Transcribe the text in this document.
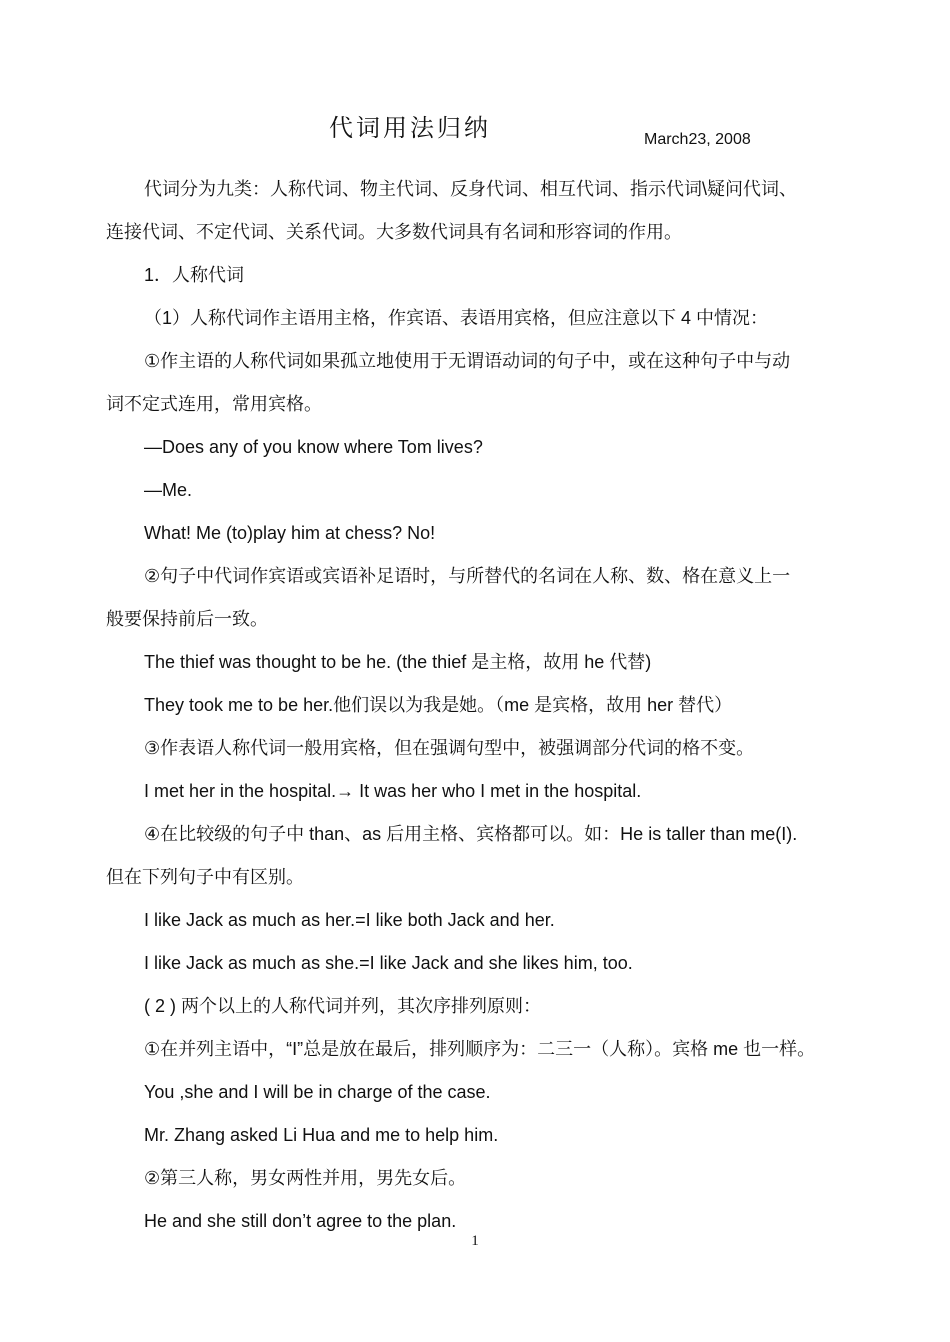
代词用法归纳	March23, 2008

代词分为九类：人称代词、物主代词、反身代词、相互代词、指示代词\疑问代词、

连接代词、不定代词、关系代词。大多数代词具有名词和形容词的作用。

1．人称代词

（1）人称代词作主语用主格，作宾语、表语用宾格，但应注意以下 4 中情况：

①作主语的人称代词如果孤立地使用于无谓语动词的句子中，或在这种句子中与动

词不定式连用，常用宾格。

—Does any of you know where Tom lives?

—Me.

What! Me (to)play him at chess? No!

②句子中代词作宾语或宾语补足语时，与所替代的名词在人称、数、格在意义上一

般要保持前后一致。

The thief was thought to be he. (the thief 是主格，故用 he 代替)

They took me to be her.他们误以为我是她。（me 是宾格，故用 her 替代）

③作表语人称代词一般用宾格，但在强调句型中，被强调部分代词的格不变。

I met her in the hospital.→ It was her who I met in the hospital.

④在比较级的句子中 than、as 后用主格、宾格都可以。如：He is taller than me(I).

但在下列句子中有区别。

I like Jack as much as her.=I like both Jack and her.

I like Jack as much as she.=I like Jack and she likes him, too.

( 2 ) 两个以上的人称代词并列，其次序排列原则：

①在并列主语中，“I”总是放在最后，排列顺序为：二三一（人称）。宾格 me 也一样。

You ,she and I will be in charge of the case.

Mr. Zhang asked Li Hua and me to help him.

②第三人称，男女两性并用，男先女后。

He and she still don’t agree to the plan.

1
